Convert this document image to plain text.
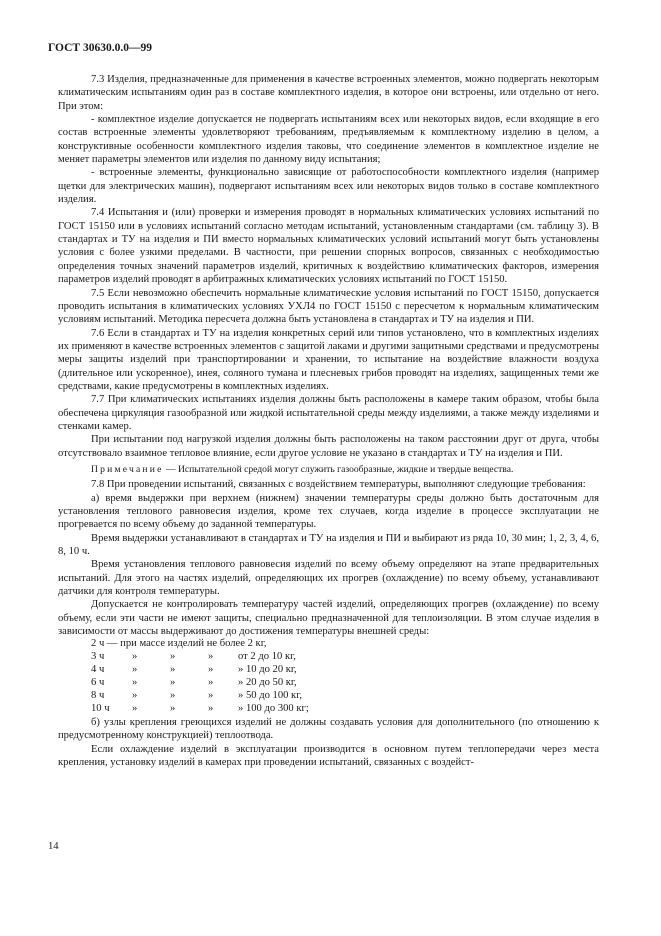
ГОСТ 30630.0.0—99

7.3 Изделия, предназначенные для применения в качестве встроенных элементов, можно подвергать некоторым климатическим испытаниям один раз в составе комплектного изделия, в которое они встроены, или отдельно от него. При этом:

- комплектное изделие допускается не подвергать испытаниям всех или некоторых видов, если входящие в его состав встроенные элементы удовлетворяют требованиям, предъявляемым к комплектному изделию в целом, а конструктивные особенности комплектного изделия таковы, что соединение элементов в комплектное изделие не меняет параметры элементов или изделия по данному виду испытания;

- встроенные элементы, функционально зависящие от работоспособности комплектного изделия (например щетки для электрических машин), подвергают испытаниям всех или некоторых видов только в составе комплектного изделия.

7.4 Испытания и (или) проверки и измерения проводят в нормальных климатических условиях испытаний по ГОСТ 15150 или в условиях испытаний согласно методам испытаний, установленным стандартами (см. таблицу 3). В стандартах и ТУ на изделия и ПИ вместо нормальных климатических условий испытаний могут быть установлены условия с более узкими пределами. В частности, при решении спорных вопросов, связанных с необходимостью определения точных значений параметров изделий, критичных к воздействию климатических факторов, измерения параметров изделий проводят в арбитражных климатических условиях испытаний по ГОСТ 15150.

7.5 Если невозможно обеспечить нормальные климатические условия испытаний по ГОСТ 15150, допускается проводить испытания в климатических условиях УХЛ4 по ГОСТ 15150 с пересчетом к нормальным климатическим условиям испытаний. Методика пересчета должна быть установлена в стандартах и ТУ на изделия и ПИ.

7.6 Если в стандартах и ТУ на изделия конкретных серий или типов установлено, что в комплектных изделиях их применяют в качестве встроенных элементов с защитой лаками и другими защитными средствами и предусмотрены меры защиты изделий при транспортировании и хранении, то испытание на воздействие влажности воздуха (длительное или ускоренное), инея, соляного тумана и плесневых грибов проводят на изделиях, защищенных теми же средствами, какие предусмотрены в комплектных изделиях.

7.7 При климатических испытаниях изделия должны быть расположены в камере таким образом, чтобы была обеспечена циркуляция газообразной или жидкой испытательной среды между изделиями, а также между изделиями и стенками камер.

При испытании под нагрузкой изделия должны быть расположены на таком расстоянии друг от друга, чтобы отсутствовало взаимное тепловое влияние, если другое условие не указано в стандартах и ТУ на изделия и ПИ.

Примечание — Испытательной средой могут служить газообразные, жидкие и твердые вещества.

7.8 При проведении испытаний, связанных с воздействием температуры, выполняют следующие требования:

а) время выдержки при верхнем (нижнем) значении температуры среды должно быть достаточным для установления теплового равновесия изделия, кроме тех случаев, когда изделие в процессе эксплуатации не прогревается по всему объему до заданной температуры.

Время выдержки устанавливают в стандартах и ТУ на изделия и ПИ и выбирают из ряда 10, 30 мин; 1, 2, 3, 4, 6, 8, 10 ч.

Время установления теплового равновесия изделий по всему объему определяют на этапе предварительных испытаний. Для этого на частях изделий, определяющих их прогрев (охлаждение) по всему объему, устанавливают датчики для контроля температуры.

Допускается не контролировать температуру частей изделий, определяющих прогрев (охлаждение) по всему объему, если эти части не имеют защиты, специально предназначенной для теплоизоляции. В этом случае изделия в зависимости от массы выдерживают до достижения температуры внешней среды:

2 ч — при массе изделий не более 2 кг,				
3 ч	»	»	»	от 2 до 10 кг,
4 ч	»	»	»	» 10 до 20 кг,
6 ч	»	»	»	» 20 до 50 кг,
8 ч	»	»	»	» 50 до 100 кг,
10 ч	»	»	»	» 100 до 300 кг;

б) узлы крепления греющихся изделий не должны создавать условия для дополнительного (по отношению к предусмотренному конструкцией) теплоотвода.

Если охлаждение изделий в эксплуатации производится в основном путем теплопередачи через места крепления, установку изделий в камерах при проведении испытаний, связанных с воздейст-

14
